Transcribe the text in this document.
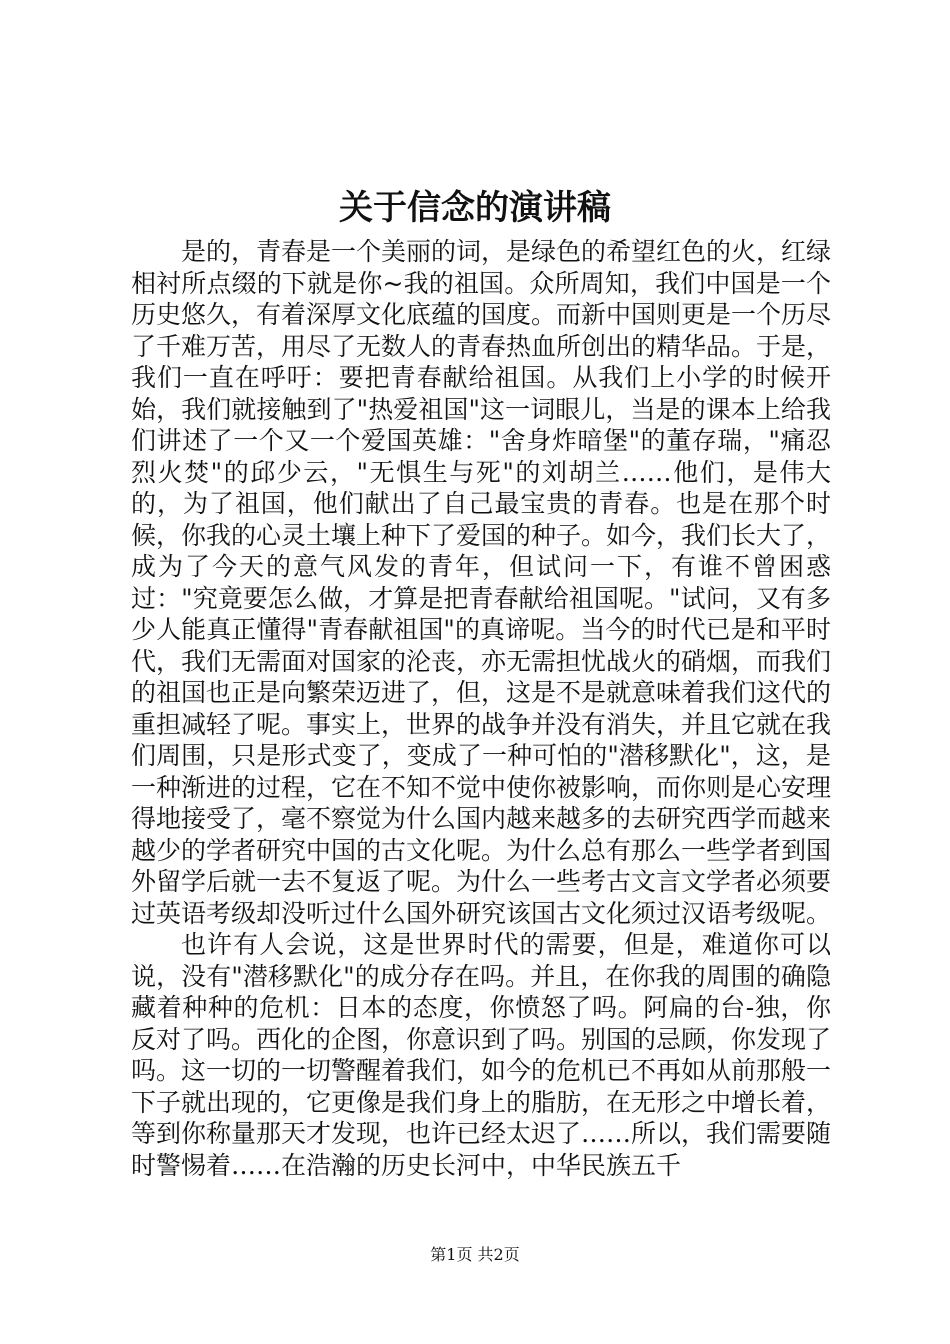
关于信念的演讲稿

是的，青春是一个美丽的词，是绿色的希望红色的火，红绿相衬所点缀的下就是你~我的祖国。众所周知，我们中国是一个历史悠久，有着深厚文化底蕴的国度。而新中国则更是一个历尽了千难万苦，用尽了无数人的青春热血所创出的精华品。于是，我们一直在呼吁：要把青春献给祖国。从我们上小学的时候开始，我们就接触到了"热爱祖国"这一词眼儿，当是的课本上给我们讲述了一个又一个爱国英雄："舍身炸暗堡"的董存瑞，"痛忍烈火焚"的邱少云，"无惧生与死"的刘胡兰……他们，是伟大的，为了祖国，他们献出了自己最宝贵的青春。也是在那个时候，你我的心灵土壤上种下了爱国的种子。如今，我们长大了，成为了今天的意气风发的青年，但试问一下，有谁不曾困惑过："究竟要怎么做，才算是把青春献给祖国呢。"试问，又有多少人能真正懂得"青春献祖国"的真谛呢。当今的时代已是和平时代，我们无需面对国家的沦丧，亦无需担忧战火的硝烟，而我们的祖国也正是向繁荣迈进了，但，这是不是就意味着我们这代的重担减轻了呢。事实上，世界的战争并没有消失，并且它就在我们周围，只是形式变了，变成了一种可怕的"潜移默化"，这，是一种渐进的过程，它在不知不觉中使你被影响，而你则是心安理得地接受了，毫不察觉为什么国内越来越多的去研究西学而越来越少的学者研究中国的古文化呢。为什么总有那么一些学者到国外留学后就一去不复返了呢。为什么一些考古文言文学者必须要过英语考级却没听过什么国外研究该国古文化须过汉语考级呢。

也许有人会说，这是世界时代的需要，但是，难道你可以说，没有"潜移默化"的成分存在吗。并且，在你我的周围的确隐藏着种种的危机：日本的态度，你愤怒了吗。阿扁的台-独，你反对了吗。西化的企图，你意识到了吗。别国的忌顾，你发现了吗。这一切的一切警醒着我们，如今的危机已不再如从前那般一下子就出现的，它更像是我们身上的脂肪，在无形之中增长着，等到你称量那天才发现，也许已经太迟了……所以，我们需要随时警惕着……在浩瀚的历史长河中，中华民族五千

第1页 共2页
